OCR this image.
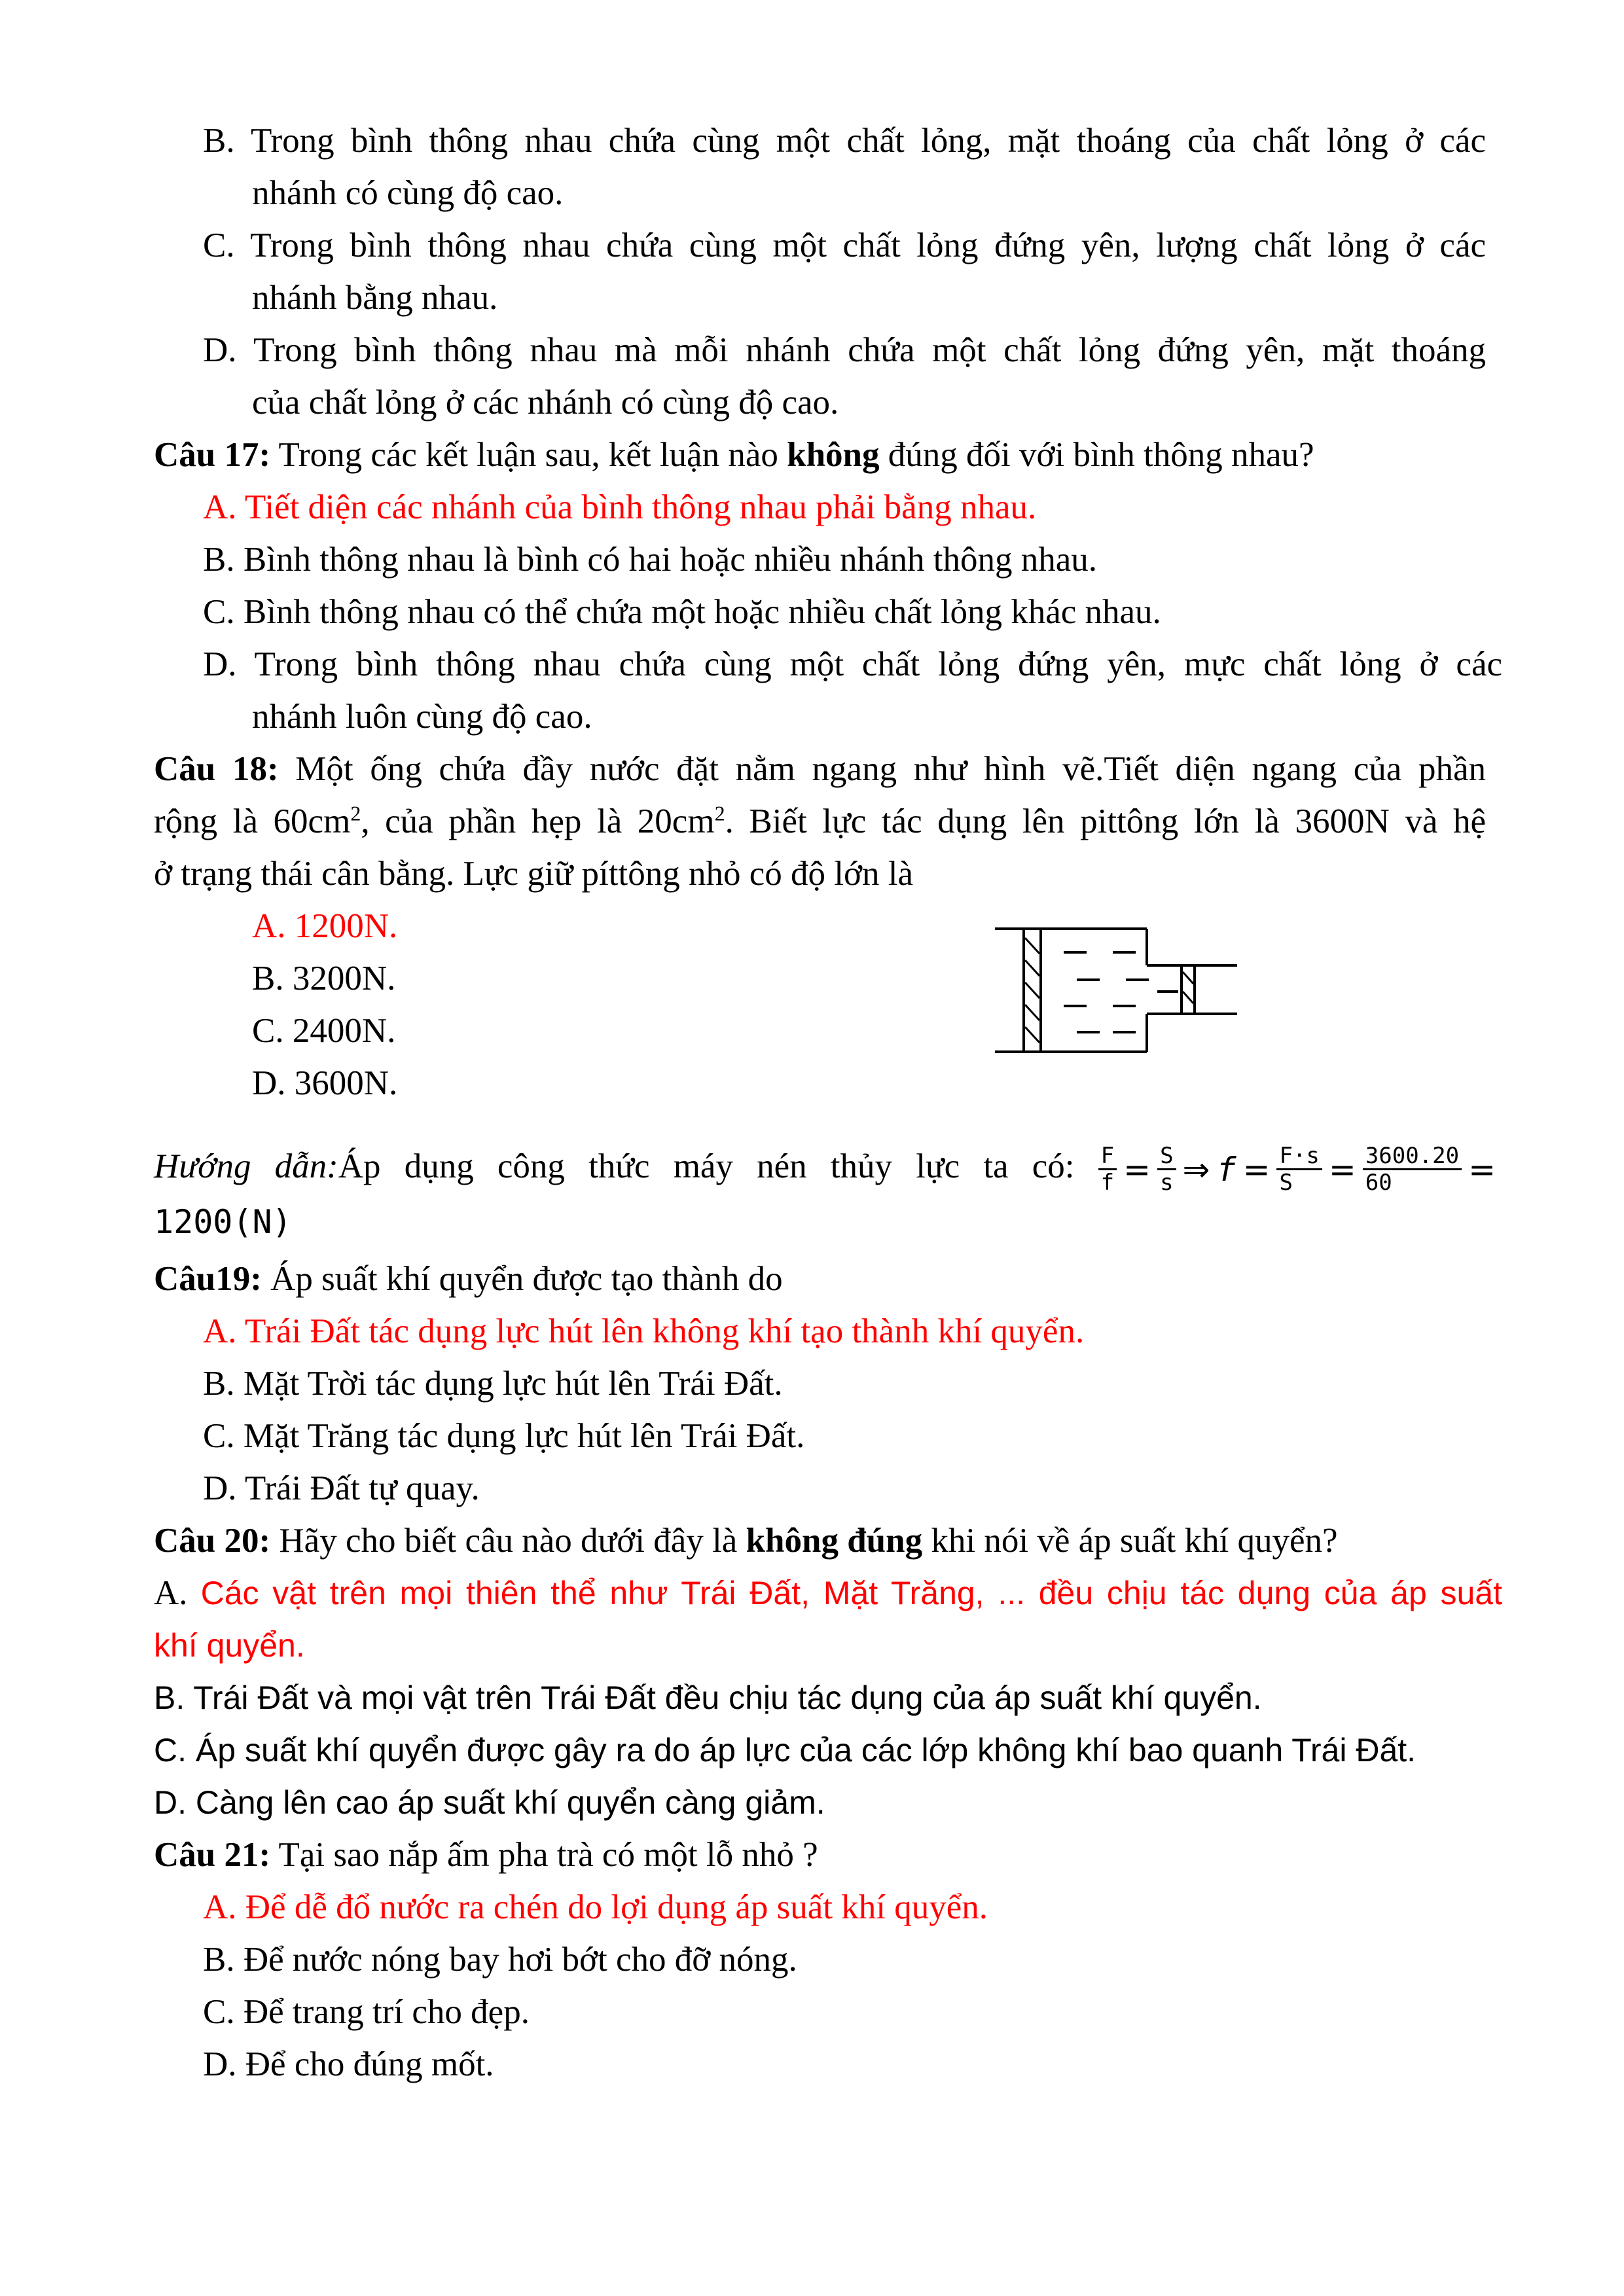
B. Trong bình thông nhau chứa cùng một chất lỏng, mặt thoáng của chất lỏng ở các
nhánh có cùng độ cao.
C. Trong bình thông nhau chứa cùng một chất lỏng đứng yên, lượng chất lỏng ở các
nhánh bằng nhau.
D. Trong bình thông nhau mà mỗi nhánh chứa một chất lỏng đứng yên, mặt thoáng
của chất lỏng ở các nhánh có cùng độ cao.
Câu 17: Trong các kết luận sau, kết luận nào không đúng đối với bình thông nhau?
A. Tiết diện các nhánh của bình thông nhau phải bằng nhau.
B. Bình thông nhau là bình có hai hoặc nhiều nhánh thông nhau.
C. Bình thông nhau có thể chứa một hoặc nhiều chất lỏng khác nhau.
D. Trong bình thông nhau chứa cùng một chất lỏng đứng yên, mực chất lỏng ở các
nhánh luôn cùng độ cao.
Câu 18: Một ống chứa đầy nước đặt nằm ngang như hình vẽ.Tiết diện ngang của phần
rộng là $60cm^2$, của phần hẹp là $20cm^2$. Biết lực tác dụng lên pittông lớn là 3600N và hệ
ở trạng thái cân bằng. Lực giữ píttông nhỏ có độ lớn là
A. 1200N.
B. 3200N.
C. 2400N.
D. 3600N.
Hướng dẫn:Áp dụng công thức máy nén thủy lực ta có: $\frac{F}{f} = \frac{S}{s}$ ⇒ $f = \frac{F\cdot s}{S} = \frac{3600.20}{60}$ =
1200(N)
Câu19: Áp suất khí quyển được tạo thành do
A. Trái Đất tác dụng lực hút lên không khí tạo thành khí quyển.
B. Mặt Trời tác dụng lực hút lên Trái Đất.
C. Mặt Trăng tác dụng lực hút lên Trái Đất.
D. Trái Đất tự quay.
Câu 20: Hãy cho biết câu nào dưới đây là không đúng khi nói về áp suất khí quyển?
A. Các vật trên mọi thiên thể như Trái Đất, Mặt Trăng, ... đều chịu tác dụng của áp suất
khí quyển.
B. Trái Đất và mọi vật trên Trái Đất đều chịu tác dụng của áp suất khí quyển.
C. Áp suất khí quyển được gây ra do áp lực của các lớp không khí bao quanh Trái Đất.
D. Càng lên cao áp suất khí quyển càng giảm.
Câu 21: Tại sao nắp ấm pha trà có một lỗ nhỏ ?
A. Để dễ đổ nước ra chén do lợi dụng áp suất khí quyển.
B. Để nước nóng bay hơi bớt cho đỡ nóng.
C. Để trang trí cho đẹp.
D. Để cho đúng mốt.
